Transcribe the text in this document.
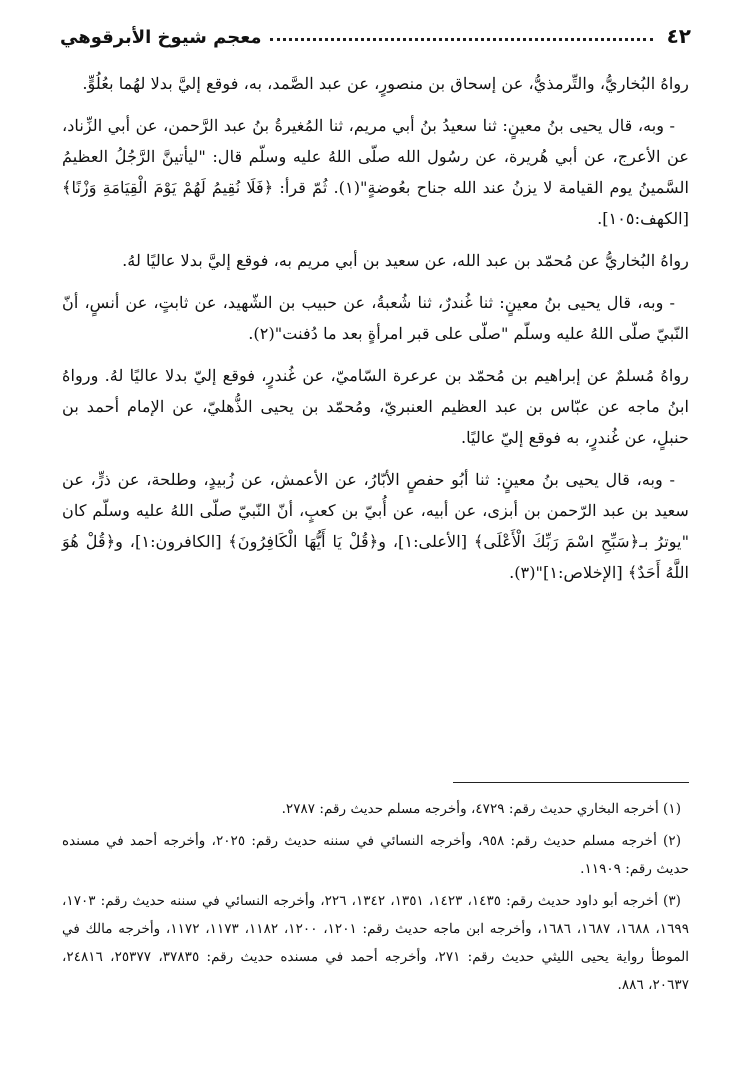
٤٢
معجم شيوخ الأبرقوهي

رواهُ البُخاريُّ، والتِّرمذيُّ، عن إسحاق بن منصورٍ، عن عبد الصَّمد، به، فوقع إليَّ بدلا لهُما بعُلُوٍّ.

- وبه، قال يحيى بنُ معينٍ: ثنا سعيدُ بنُ أبي مريم، ثنا المُغيرةُ بنُ عبد الرَّحمن، عن أبي الزِّناد، عن الأعرج، عن أبي هُريرة، عن رسُول الله صلّى اللهُ عليه وسلّم قال: "ليأتينَّ الرَّجُلُ العظيمُ السَّمينُ يوم القيامة لا يزنُ عند الله جناح بعُوضةٍ"(١). ثُمّ قرأ: ﴿فَلَا نُقِيمُ لَهُمْ يَوْمَ الْقِيَامَةِ وَزْنًا﴾ [الكهف:١٠٥].

رواهُ البُخاريُّ عن مُحمّد بن عبد الله، عن سعيد بن أبي مريم به، فوقع إليَّ بدلا عاليًا لهُ.

- وبه، قال يحيى بنُ معينٍ: ثنا غُندرٌ، ثنا شُعبةُ، عن حبيب بن الشّهيد، عن ثابتٍ، عن أنسٍ، أنّ النّبيّ صلّى اللهُ عليه وسلّم "صلّى على قبر امرأةٍ بعد ما دُفنت"(٢).

رواهُ مُسلمٌ عن إبراهيم بن مُحمّد بن عرعرة السّاميّ، عن غُندرٍ، فوقع إليّ بدلا عاليًا لهُ. ورواهُ ابنُ ماجه عن عبّاس بن عبد العظيم العنبريّ، ومُحمّد بن يحيى الذُّهليّ، عن الإمام أحمد بن حنبلٍ، عن غُندرٍ، به فوقع إليّ عاليًا.

- وبه، قال يحيى بنُ معينٍ: ثنا أبُو حفصٍ الأبّارُ، عن الأعمش، عن زُبيدٍ، وطلحة، عن ذرٍّ، عن سعيد بن عبد الرّحمن بن أبزى، عن أبيه، عن أُبيّ بن كعبٍ، أنّ النّبيّ صلّى اللهُ عليه وسلّم كان "يوترُ بـ﴿سَبِّحِ اسْمَ رَبِّكَ الْأَعْلَى﴾ [الأعلى:١]، و﴿قُلْ يَا أَيُّهَا الْكَافِرُونَ﴾ [الكافرون:١]، و﴿قُلْ هُوَ اللَّهُ أَحَدٌ﴾ [الإخلاص:١]"(٣).

(١) أخرجه البخاري حديث رقم: ٤٧٢٩، وأخرجه مسلم حديث رقم: ٢٧٨٧.

(٢) أخرجه مسلم حديث رقم: ٩٥٨، وأخرجه النسائي في سننه حديث رقم: ٢٠٢٥، وأخرجه أحمد في مسنده حديث رقم: ١١٩٠٩.

(٣) أخرجه أبو داود حديث رقم: ١٤٣٥، ١٤٢٣، ١٣٥١، ١٣٤٢، ٢٢٦، وأخرجه النسائي في سننه حديث رقم: ١٧٠٣، ١٦٩٩، ١٦٨٨، ١٦٨٧، ١٦٨٦، وأخرجه ابن ماجه حديث رقم: ١٢٠١، ١٢٠٠، ١١٨٢، ١١٧٣، ١١٧٢، وأخرجه مالك في الموطأ رواية يحيى الليثي حديث رقم: ٢٧١، وأخرجه أحمد في مسنده حديث رقم: ٣٧٨٣٥، ٢٥٣٧٧، ٢٤٨١٦، ٢٠٦٣٧، ٨٨٦.
